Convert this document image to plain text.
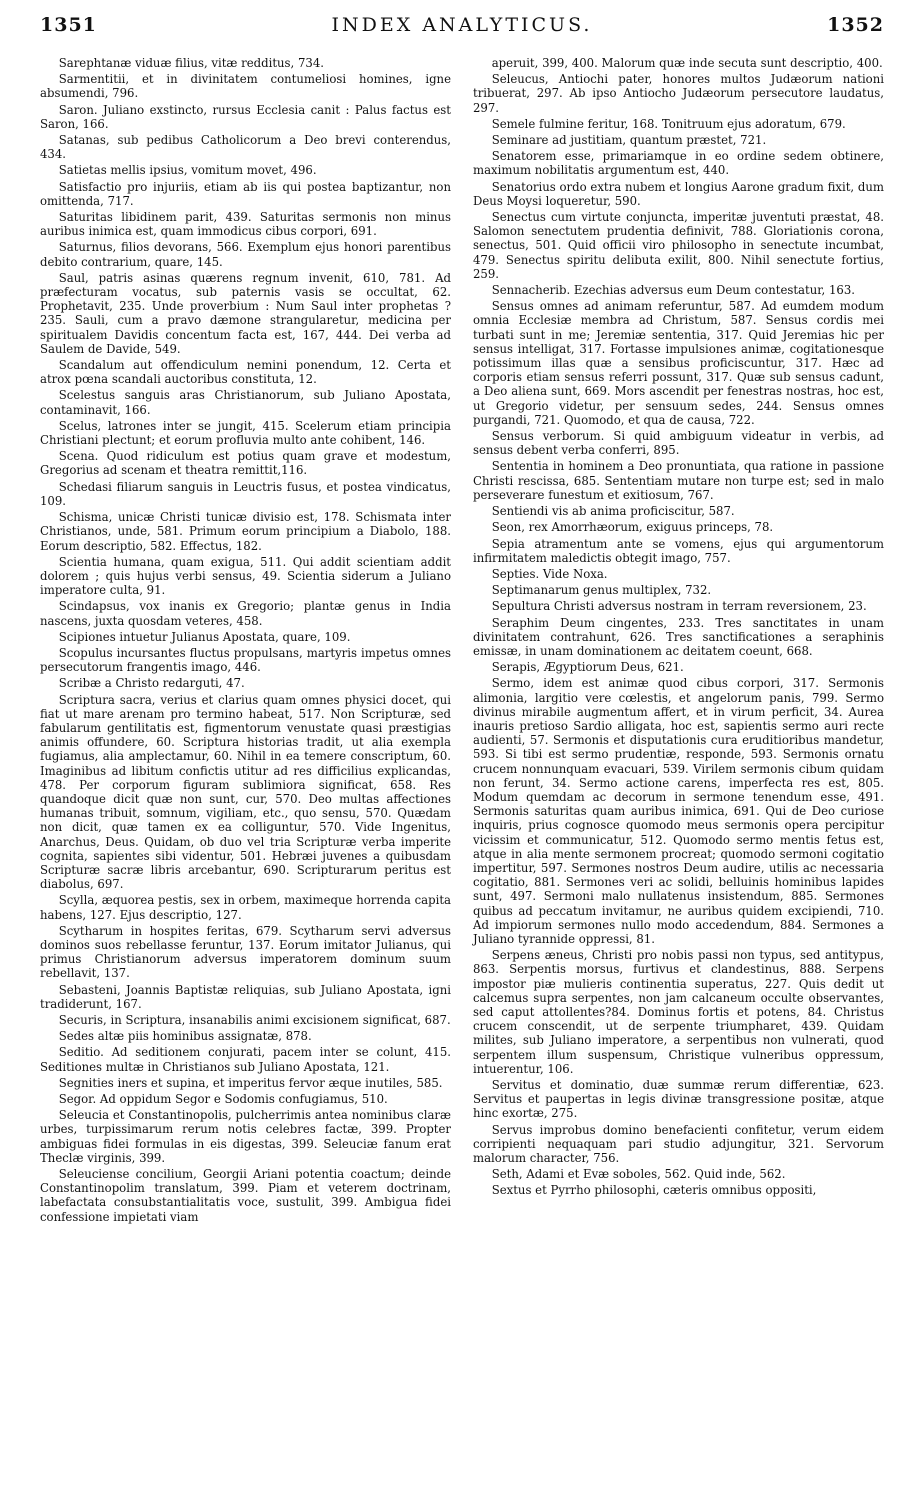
1351	INDEX ANALYTICUS.	1352

Sarephtanæ viduæ filius, vitæ redditus, 734.

Sarmentitii, et in divinitatem contumeliosi homines, igne absumendi, 796.

Saron. Juliano exstincto, rursus Ecclesia canit : Palus factus est Saron, 166.

Satanas, sub pedibus Catholicorum a Deo brevi conterendus, 434.

Satietas mellis ipsius, vomitum movet, 496.

Satisfactio pro injuriis, etiam ab iis qui postea baptizantur, non omittenda, 717.

Saturitas libidinem parit, 439. Saturitas sermonis non minus auribus inimica est, quam immodicus cibus corpori, 691.

Saturnus, filios devorans, 566. Exemplum ejus honori parentibus debito contrarium, quare, 145.

Saul, patris asinas quærens regnum invenit, 610, 781. Ad præfecturam vocatus, sub paternis vasis se occultat, 62. Prophetavit, 235. Unde proverbium : Num Saul inter prophetas ? 235. Sauli, cum a pravo dæmone strangularetur, medicina per spiritualem Davidis concentum facta est, 167, 444. Dei verba ad Saulem de Davide, 549.

Scandalum aut offendiculum nemini ponendum, 12. Certa et atrox pœna scandali auctoribus constituta, 12.

Scelestus sanguis aras Christianorum, sub Juliano Apostata, contaminavit, 166.

Scelus, latrones inter se jungit, 415. Scelerum etiam principia Christiani plectunt; et eorum profluvia multo ante cohibent, 146.

Scena. Quod ridiculum est potius quam grave et modestum, Gregorius ad scenam et theatra remittit,116.

Schedasi filiarum sanguis in Leuctris fusus, et postea vindicatus, 109.

Schisma, unicæ Christi tunicæ divisio est, 178. Schismata inter Christianos, unde, 581. Primum eorum principium a Diabolo, 188. Eorum descriptio, 582. Effectus, 182.

Scientia humana, quam exigua, 511. Qui addit scientiam addit dolorem ; quis hujus verbi sensus, 49. Scientia siderum a Juliano imperatore culta, 91.

Scindapsus, vox inanis ex Gregorio; plantæ genus in India nascens, juxta quosdam veteres, 458.

Scipiones intuetur Julianus Apostata, quare, 109.

Scopulus incursantes fluctus propulsans, martyris impetus omnes persecutorum frangentis imago, 446.

Scribæ a Christo redarguti, 47.

Scriptura sacra, verius et clarius quam omnes physici docet, qui fiat ut mare arenam pro termino habeat, 517. Non Scripturæ, sed fabularum gentilitatis est, figmentorum venustate quasi præstigias animis offundere, 60. Scriptura historias tradit, ut alia exempla fugiamus, alia amplectamur, 60. Nihil in ea temere conscriptum, 60. Imaginibus ad libitum confictis utitur ad res difficilius explicandas, 478. Per corporum figuram sublimiora significat, 658. Res quandoque dicit quæ non sunt, cur, 570. Deo multas affectiones humanas tribuit, somnum, vigiliam, etc., quo sensu, 570. Quædam non dicit, quæ tamen ex ea colliguntur, 570. Vide Ingenitus, Anarchus, Deus. Quidam, ob duo vel tria Scripturæ verba imperite cognita, sapientes sibi videntur, 501. Hebræi juvenes a quibusdam Scripturæ sacræ libris arcebantur, 690. Scripturarum peritus est diabolus, 697.

Scylla, æquorea pestis, sex in orbem, maximeque horrenda capita habens, 127. Ejus descriptio, 127.

Scytharum in hospites feritas, 679. Scytharum servi adversus dominos suos rebellasse feruntur, 137. Eorum imitator Julianus, qui primus Christianorum adversus imperatorem dominum suum rebellavit, 137.

Sebasteni, Joannis Baptistæ reliquias, sub Juliano Apostata, igni tradiderunt, 167.

Securis, in Scriptura, insanabilis animi excisionem significat, 687.

Sedes altæ piis hominibus assignatæ, 878.

Seditio. Ad seditionem conjurati, pacem inter se colunt, 415. Seditiones multæ in Christianos sub Juliano Apostata, 121.

Segnities iners et supina, et imperitus fervor æque inutiles, 585.

Segor. Ad oppidum Segor e Sodomis confugiamus, 510.

Seleucia et Constantinopolis, pulcherrimis antea nominibus claræ urbes, turpissimarum rerum notis celebres factæ, 399. Propter ambiguas fidei formulas in eis digestas, 399. Seleuciæ fanum erat Theclæ virginis, 399.

Seleuciense concilium, Georgii Ariani potentia coactum; deinde Constantinopolim translatum, 399. Piam et veterem doctrinam, labefactata consubstantialitatis voce, sustulit, 399. Ambigua fidei confessione impietati viam

aperuit, 399, 400. Malorum quæ inde secuta sunt descriptio, 400.

Seleucus, Antiochi pater, honores multos Judæorum nationi tribuerat, 297. Ab ipso Antiocho Judæorum persecutore laudatus, 297.

Semele fulmine feritur, 168. Tonitruum ejus adoratum, 679.

Seminare ad justitiam, quantum præstet, 721.

Senatorem esse, primariamque in eo ordine sedem obtinere, maximum nobilitatis argumentum est, 440.

Senatorius ordo extra nubem et longius Aarone gradum fixit, dum Deus Moysi loqueretur, 590.

Senectus cum virtute conjuncta, imperitæ juventuti præstat, 48. Salomon senectutem prudentia definivit, 788. Gloriationis corona, senectus, 501. Quid officii viro philosopho in senectute incumbat, 479. Senectus spiritu delibuta exilit, 800. Nihil senectute fortius, 259.

Sennacherib. Ezechias adversus eum Deum contestatur, 163.

Sensus omnes ad animam referuntur, 587. Ad eumdem modum omnia Ecclesiæ membra ad Christum, 587. Sensus cordis mei turbati sunt in me; Jeremiæ sententia, 317. Quid Jeremias hic per sensus intelligat, 317. Fortasse impulsiones animæ, cogitationesque potissimum illas quæ a sensibus proficiscuntur, 317. Hæc ad corporis etiam sensus referri possunt, 317. Quæ sub sensus cadunt, a Deo aliena sunt, 669. Mors ascendit per fenestras nostras, hoc est, ut Gregorio videtur, per sensuum sedes, 244. Sensus omnes purgandi, 721. Quomodo, et qua de causa, 722.

Sensus verborum. Si quid ambiguum videatur in verbis, ad sensus debent verba conferri, 895.

Sententia in hominem a Deo pronuntiata, qua ratione in passione Christi rescissa, 685. Sententiam mutare non turpe est; sed in malo perseverare funestum et exitiosum, 767.

Sentiendi vis ab anima proficiscitur, 587.

Seon, rex Amorrhæorum, exiguus princeps, 78.

Sepia atramentum ante se vomens, ejus qui argumentorum infirmitatem maledictis obtegit imago, 757.

Septies. Vide Noxa.

Septimanarum genus multiplex, 732.

Sepultura Christi adversus nostram in terram reversionem, 23.

Seraphim Deum cingentes, 233. Tres sanctitates in unam divinitatem contrahunt, 626. Tres sanctificationes a seraphinis emissæ, in unam dominationem ac deitatem coeunt, 668.

Serapis, Ægyptiorum Deus, 621.

Sermo, idem est animæ quod cibus corpori, 317. Sermonis alimonia, largitio vere cœlestis, et angelorum panis, 799. Sermo divinus mirabile augmentum affert, et in virum perficit, 34. Aurea inauris pretioso Sardio alligata, hoc est, sapientis sermo auri recte audienti, 57. Sermonis et disputationis cura eruditioribus mandetur, 593. Si tibi est sermo prudentiæ, responde, 593. Sermonis ornatu crucem nonnunquam evacuari, 539. Virilem sermonis cibum quidam non ferunt, 34. Sermo actione carens, imperfecta res est, 805. Modum quemdam ac decorum in sermone tenendum esse, 491. Sermonis saturitas quam auribus inimica, 691. Qui de Deo curiose inquiris, prius cognosce quomodo meus sermonis opera percipitur vicissim et communicatur, 512. Quomodo sermo mentis fetus est, atque in alia mente sermonem procreat; quomodo sermoni cogitatio impertitur, 597. Sermones nostros Deum audire, utilis ac necessaria cogitatio, 881. Sermones veri ac solidi, belluinis hominibus lapides sunt, 497. Sermoni malo nullatenus insistendum, 885. Sermones quibus ad peccatum invitamur, ne auribus quidem excipiendi, 710. Ad impiorum sermones nullo modo accedendum, 884. Sermones a Juliano tyrannide oppressi, 81.

Serpens æneus, Christi pro nobis passi non typus, sed antitypus, 863. Serpentis morsus, furtivus et clandestinus, 888. Serpens impostor piæ mulieris continentia superatus, 227. Quis dedit ut calcemus supra serpentes, non jam calcaneum occulte observantes, sed caput attollentes?84. Dominus fortis et potens, 84. Christus crucem conscendit, ut de serpente triumpharet, 439. Quidam milites, sub Juliano imperatore, a serpentibus non vulnerati, quod serpentem illum suspensum, Christique vulneribus oppressum, intuerentur, 106.

Servitus et dominatio, duæ summæ rerum differentiæ, 623. Servitus et paupertas in legis divinæ transgressione positæ, atque hinc exortæ, 275.

Servus improbus domino benefacienti confitetur, verum eidem corripienti nequaquam pari studio adjungitur, 321. Servorum malorum character, 756.

Seth, Adami et Evæ soboles, 562. Quid inde, 562.

Sextus et Pyrrho philosophi, cæteris omnibus oppositi,
